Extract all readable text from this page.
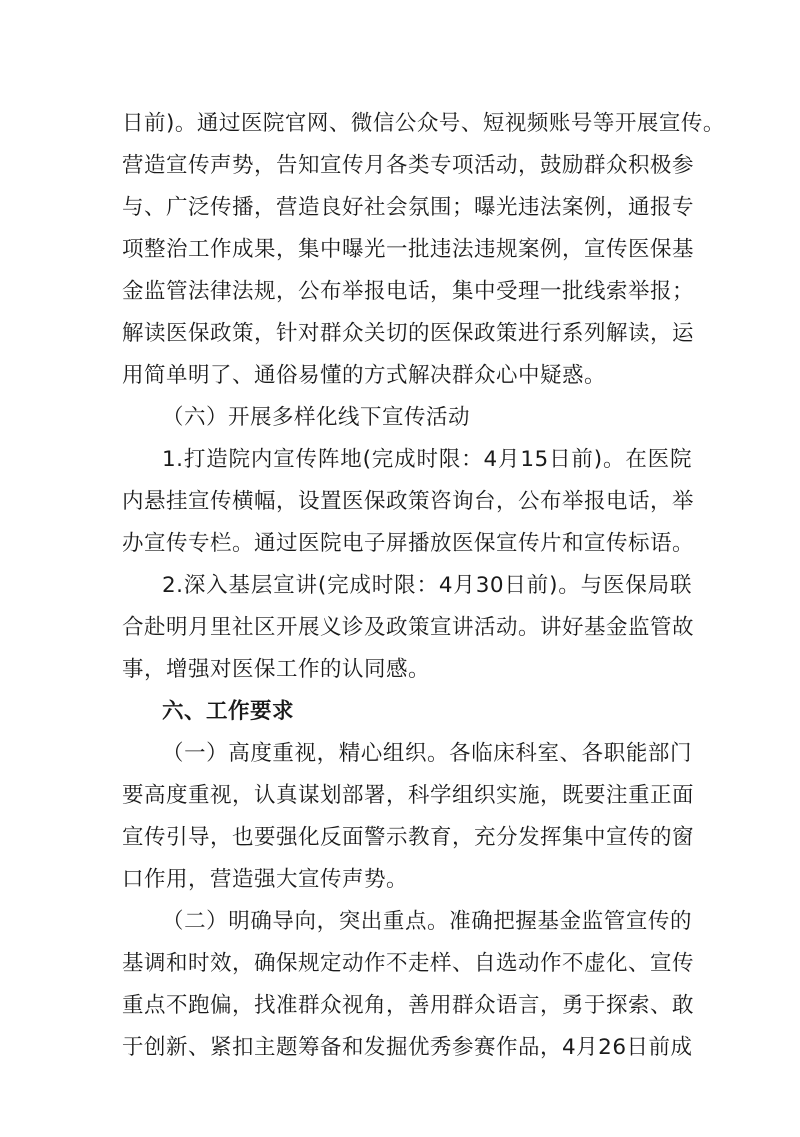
日前)。通过医院官网、微信公众号、短视频账号等开展宣传。
营造宣传声势，告知宣传月各类专项活动，鼓励群众积极参
与、广泛传播，营造良好社会氛围；曝光违法案例，通报专
项整治工作成果，集中曝光一批违法违规案例，宣传医保基
金监管法律法规，公布举报电话，集中受理一批线索举报；
解读医保政策，针对群众关切的医保政策进行系列解读，运
用简单明了、通俗易懂的方式解决群众心中疑惑。
（六）开展多样化线下宣传活动
1.打造院内宣传阵地(完成时限：4月15日前)。在医院
内悬挂宣传横幅，设置医保政策咨询台，公布举报电话，举
办宣传专栏。通过医院电子屏播放医保宣传片和宣传标语。
2.深入基层宣讲(完成时限：4月30日前)。与医保局联
合赴明月里社区开展义诊及政策宣讲活动。讲好基金监管故
事，增强对医保工作的认同感。
六、工作要求
（一）高度重视，精心组织。各临床科室、各职能部门
要高度重视，认真谋划部署，科学组织实施，既要注重正面
宣传引导，也要强化反面警示教育，充分发挥集中宣传的窗
口作用，营造强大宣传声势。
（二）明确导向，突出重点。准确把握基金监管宣传的
基调和时效，确保规定动作不走样、自选动作不虚化、宣传
重点不跑偏，找准群众视角，善用群众语言，勇于探索、敢
于创新、紧扣主题筹备和发掘优秀参赛作品，4月26日前成
